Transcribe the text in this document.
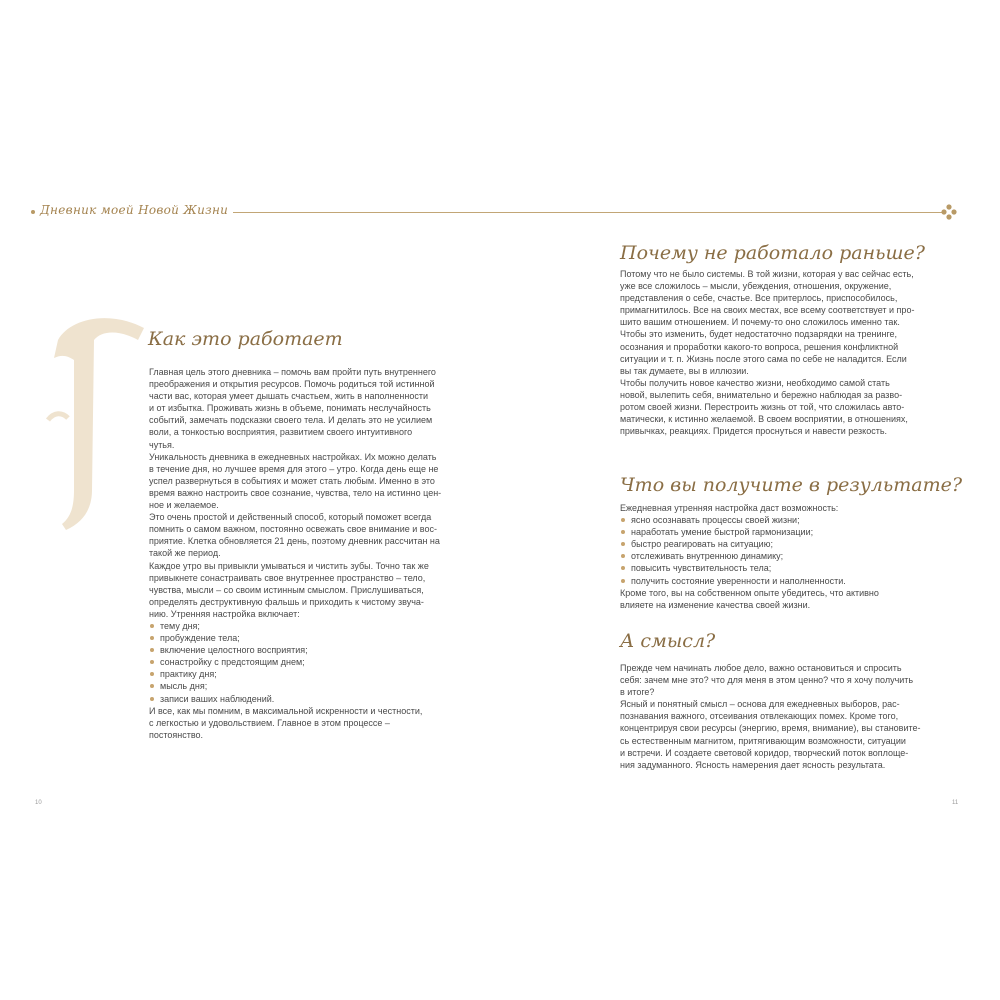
Дневник моей Новой Жизни
Как это работает
Главная цель этого дневника – помочь вам пройти путь внутреннего
преображения и открытия ресурсов. Помочь родиться той истинной
части вас, которая умеет дышать счастьем, жить в наполненности
и от избытка. Проживать жизнь в объеме, понимать неслучайность
событий, замечать подсказки своего тела. И делать это не усилием
воли, а тонкостью восприятия, развитием своего интуитивного
чутья.
Уникальность дневника в ежедневных настройках. Их можно делать
в течение дня, но лучшее время для этого – утро. Когда день еще не
успел развернуться в событиях и может стать любым. Именно в это
время важно настроить свое сознание, чувства, тело на истинно цен-
ное и желаемое.
Это очень простой и действенный способ, который поможет всегда
помнить о самом важном, постоянно освежать свое внимание и вос-
приятие. Клетка обновляется 21 день, поэтому дневник рассчитан на
такой же период.
Каждое утро вы привыкли умываться и чистить зубы. Точно так же
привыкнете сонастраивать свое внутреннее пространство – тело,
чувства, мысли – со своим истинным смыслом. Прислушиваться,
определять деструктивную фальшь и приходить к чистому звуча-
нию. Утренняя настройка включает:
тему дня;
пробуждение тела;
включение целостного восприятия;
сонастройку с предстоящим днем;
практику дня;
мысль дня;
записи ваших наблюдений.
И все, как мы помним, в максимальной искренности и честности,
с легкостью и удовольствием. Главное в этом процессе –
постоянство.
10
Почему не работало раньше?
Потому что не было системы. В той жизни, которая у вас сейчас есть,
уже все сложилось – мысли, убеждения, отношения, окружение,
представления о себе, счастье. Все притерлось, приспособилось,
примагнитилось. Все на своих местах, все всему соответствует и про-
шито вашим отношением. И почему-то оно сложилось именно так.
Чтобы это изменить, будет недостаточно подзарядки на тренинге,
осознания и проработки какого-то вопроса, решения конфликтной
ситуации и т. п. Жизнь после этого сама по себе не наладится. Если
вы так думаете, вы в иллюзии.
Чтобы получить новое качество жизни, необходимо самой стать
новой, вылепить себя, внимательно и бережно наблюдая за разво-
ротом своей жизни. Перестроить жизнь от той, что сложилась авто-
матически, к истинно желаемой. В своем восприятии, в отношениях,
привычках, реакциях. Придется проснуться и навести резкость.
Что вы получите в результате?
Ежедневная утренняя настройка даст возможность:
ясно осознавать процессы своей жизни;
наработать умение быстрой гармонизации;
быстро реагировать на ситуацию;
отслеживать внутреннюю динамику;
повысить чувствительность тела;
получить состояние уверенности и наполненности.
Кроме того, вы на собственном опыте убедитесь, что активно
влияете на изменение качества своей жизни.
А смысл?
Прежде чем начинать любое дело, важно остановиться и спросить
себя: зачем мне это? что для меня в этом ценно? что я хочу получить
в итоге?
Ясный и понятный смысл – основа для ежедневных выборов, рас-
познавания важного, отсеивания отвлекающих помех. Кроме того,
концентрируя свои ресурсы (энергию, время, внимание), вы становите-
сь естественным магнитом, притягивающим возможности, ситуации
и встречи. И создаете световой коридор, творческий поток воплоще-
ния задуманного. Ясность намерения дает ясность результата.
11
